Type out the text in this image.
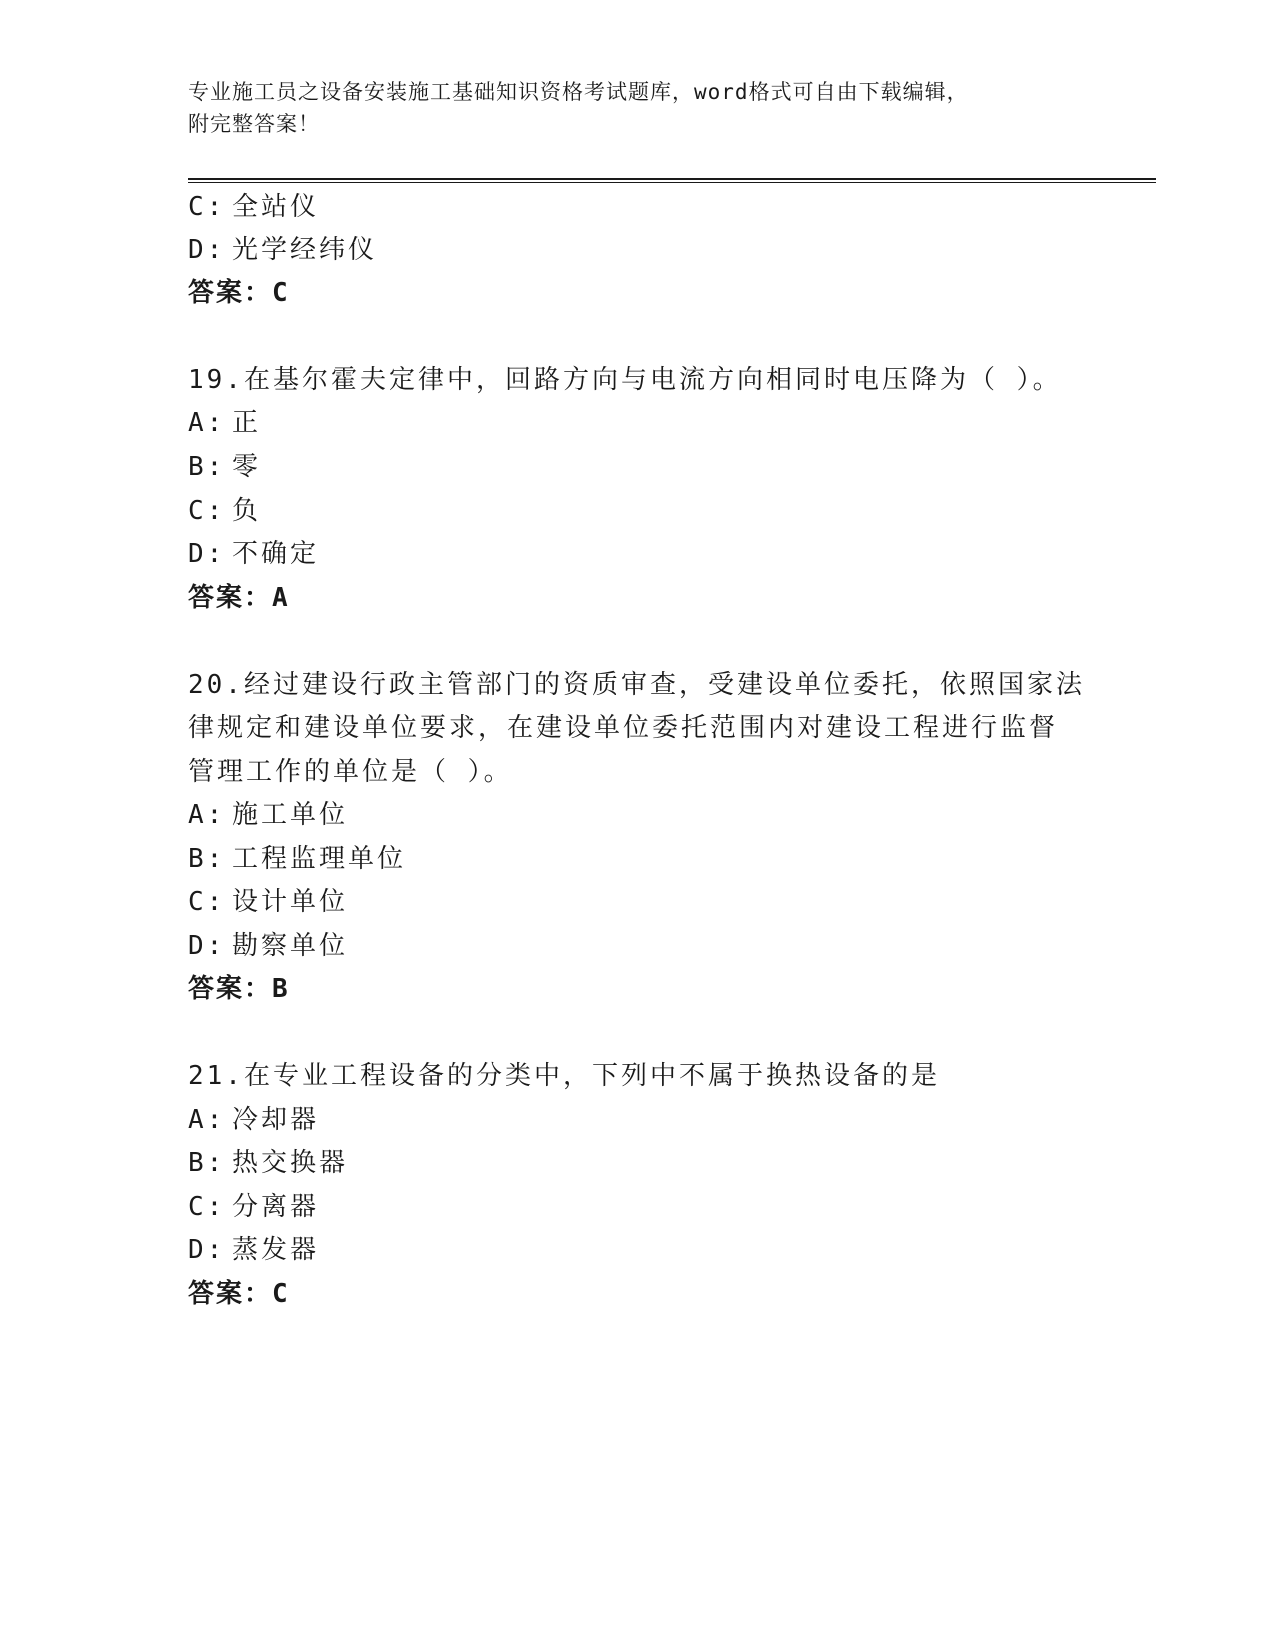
专业施工员之设备安装施工基础知识资格考试题库，word格式可自由下载编辑，
附完整答案！
C: 全站仪
D: 光学经纬仪
答案：C
19.在基尔霍夫定律中，回路方向与电流方向相同时电压降为（ ）。
A: 正
B: 零
C: 负
D: 不确定
答案：A
20.经过建设行政主管部门的资质审查，受建设单位委托，依照国家法
律规定和建设单位要求，在建设单位委托范围内对建设工程进行监督
管理工作的单位是（ ）。
A: 施工单位
B: 工程监理单位
C: 设计单位
D: 勘察单位
答案：B
21.在专业工程设备的分类中，下列中不属于换热设备的是
A: 冷却器
B: 热交换器
C: 分离器
D: 蒸发器
答案：C
